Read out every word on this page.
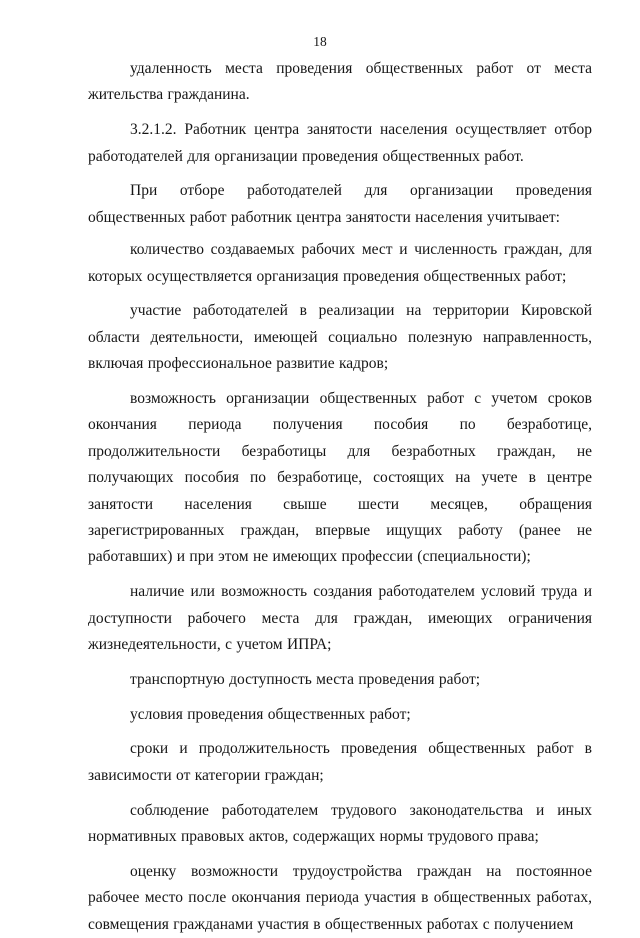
18

удаленность места проведения общественных работ от места жительства гражданина.

3.2.1.2. Работник центра занятости населения осуществляет отбор работодателей для организации проведения общественных работ.

При отборе работодателей для организации проведения общественных работ работник центра занятости населения учитывает:

количество создаваемых рабочих мест и численность граждан, для которых осуществляется организация проведения общественных работ;

участие работодателей в реализации на территории Кировской области деятельности, имеющей социально полезную направленность, включая профессиональное развитие кадров;

возможность организации общественных работ с учетом сроков окончания периода получения пособия по безработице, продолжительности безработицы для безработных граждан, не получающих пособия по безработице, состоящих на учете в центре занятости населения свыше шести месяцев, обращения зарегистрированных граждан, впервые ищущих работу (ранее не работавших) и при этом не имеющих профессии (специальности);

наличие или возможность создания работодателем условий труда и доступности рабочего места для граждан, имеющих ограничения жизнедеятельности, с учетом ИПРА;

транспортную доступность места проведения работ;

условия проведения общественных работ;

сроки и продолжительность проведения общественных работ в зависимости от категории граждан;

соблюдение работодателем трудового законодательства и иных нормативных правовых актов, содержащих нормы трудового права;

оценку возможности трудоустройства граждан на постоянное рабочее место после окончания периода участия в общественных работах, совмещения гражданами участия в общественных работах с получением
